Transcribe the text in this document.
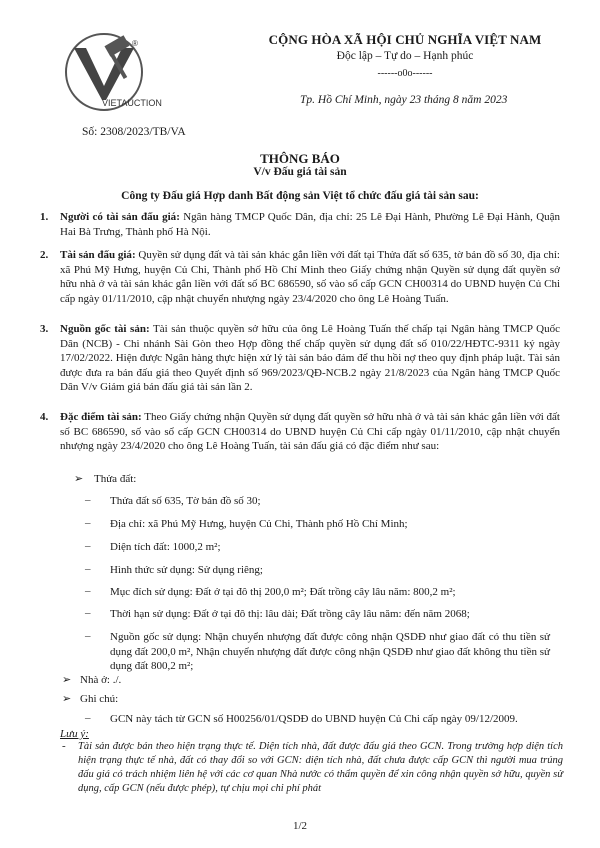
VIETAUCTION
®	CỘNG HÒA XÃ HỘI CHỦ NGHĨA VIỆT NAM
Độc lập – Tự do – Hạnh phúc
------o0o------
Tp. Hồ Chí Minh, ngày 23 tháng 8 năm 2023
Số: 2308/2023/TB/VA
THÔNG BÁO
V/v Đấu giá tài sản
Công ty Đấu giá Hợp danh Bất động sản Việt tổ chức đấu giá tài sản sau:
1. Người có tài sản đấu giá: Ngân hàng TMCP Quốc Dân, địa chỉ: 25 Lê Đại Hành, Phường Lê Đại Hành, Quận Hai Bà Trưng, Thành phố Hà Nội.
2. Tài sản đấu giá: Quyền sử dụng đất và tài sản khác gắn liền với đất tại Thửa đất số 635, tờ bản đồ số 30, địa chỉ: xã Phú Mỹ Hưng, huyện Củ Chi, Thành phố Hồ Chí Minh theo Giấy chứng nhận Quyền sử dụng đất quyền sở hữu nhà ở và tài sản khác gắn liền với đất số BC 686590, số vào sổ cấp GCN CH00314 do UBND huyện Củ Chi cấp ngày 01/11/2010, cập nhật chuyển nhượng ngày 23/4/2020 cho ông Lê Hoàng Tuấn.
3. Nguồn gốc tài sản: Tài sản thuộc quyền sở hữu của ông Lê Hoàng Tuấn thế chấp tại Ngân hàng TMCP Quốc Dân (NCB) - Chi nhánh Sài Gòn theo Hợp đồng thế chấp quyền sử dụng đất số 010/22/HĐTC-9311 ký ngày 17/02/2022. Hiện được Ngân hàng thực hiện xử lý tài sản bảo đảm để thu hồi nợ theo quy định pháp luật. Tài sản được đưa ra bán đấu giá theo Quyết định số 969/2023/QĐ-NCB.2 ngày 21/8/2023 của Ngân hàng TMCP Quốc Dân V/v Giảm giá bán đấu giá tài sản lần 2.
4. Đặc điểm tài sản: Theo Giấy chứng nhận Quyền sử dụng đất quyền sở hữu nhà ở và tài sản khác gắn liền với đất số BC 686590, số vào sổ cấp GCN CH00314 do UBND huyện Củ Chi cấp ngày 01/11/2010, cập nhật chuyển nhượng ngày 23/4/2020 cho ông Lê Hoàng Tuấn, tài sản đấu giá có đặc điểm như sau:
➢ Thửa đất:
– Thửa đất số 635, Tờ bản đồ số 30;
– Địa chỉ: xã Phú Mỹ Hưng, huyện Củ Chi, Thành phố Hồ Chí Minh;
– Diện tích đất: 1000,2 m²;
– Hình thức sử dụng: Sử dụng riêng;
– Mục đích sử dụng: Đất ở tại đô thị 200,0 m²; Đất trồng cây lâu năm: 800,2 m²;
– Thời hạn sử dụng: Đất ở tại đô thị: lâu dài; Đất trồng cây lâu năm: đến năm 2068;
– Nguồn gốc sử dụng: Nhận chuyển nhượng đất được công nhận QSDĐ như giao đất có thu tiền sử dụng đất 200,0 m², Nhận chuyển nhượng đất được công nhận QSDĐ như giao đất không thu tiền sử dụng đất 800,2 m²;
➢ Nhà ở: ./.
➢ Ghi chú:
– GCN này tách từ GCN số H00256/01/QSDĐ do UBND huyện Củ Chi cấp ngày 09/12/2009.
Lưu ý:
- Tài sản được bán theo hiện trạng thực tế. Diện tích nhà, đất được đấu giá theo GCN. Trong trường hợp diện tích hiện trạng thực tế nhà, đất có thay đổi so với GCN: diện tích nhà, đất chưa được cấp GCN thì người mua trúng đấu giá có trách nhiệm liên hệ với các cơ quan Nhà nước có thẩm quyền để xin công nhận quyền sở hữu, quyền sử dụng, cấp GCN (nếu được phép), tự chịu mọi chi phí phát
1/2
